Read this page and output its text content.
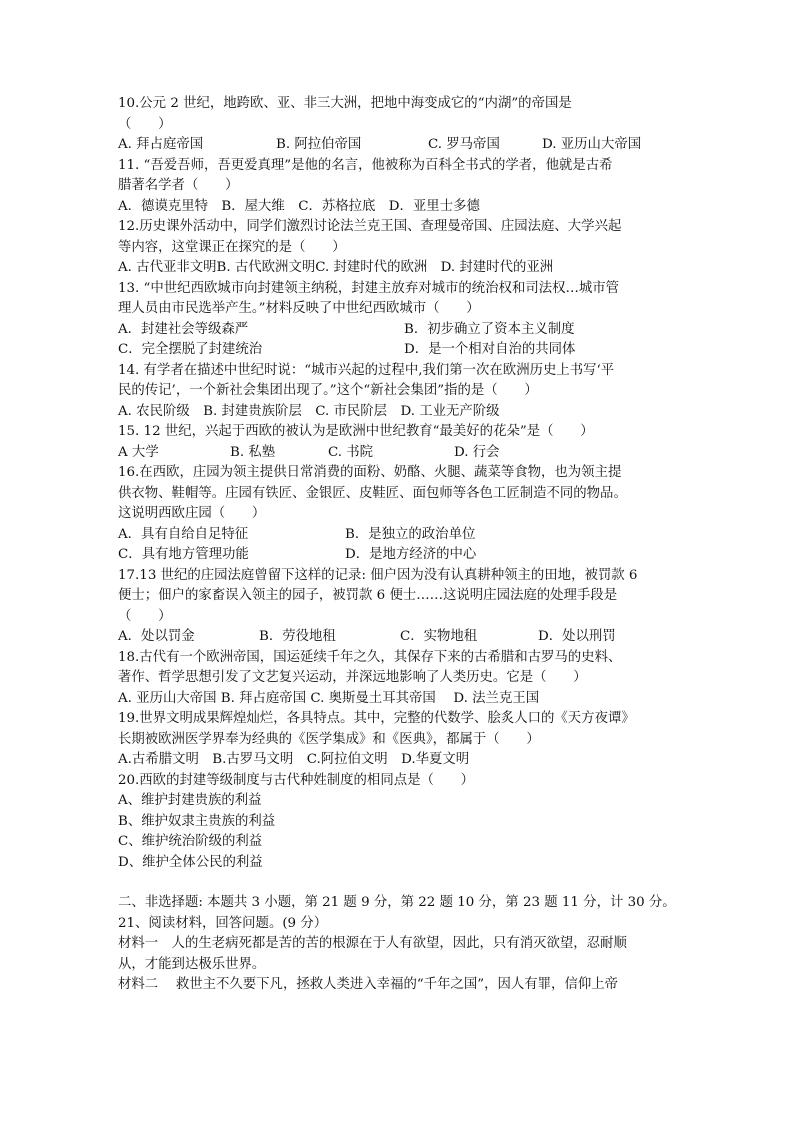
10.公元 2 世纪，地跨欧、亚、非三大洲，把地中海变成它的“内湖”的帝国是
（　　）
A. 拜占庭帝国	B. 阿拉伯帝国	C. 罗马帝国	D. 亚历山大帝国
11. “吾爱吾师，吾更爱真理”是他的名言，他被称为百科全书式的学者，他就是古希
腊著名学者（　　）
A．德谟克里特　B．屋大维　C．苏格拉底　D．亚里士多德
12.历史课外活动中，同学们激烈讨论法兰克王国、查理曼帝国、庄园法庭、大学兴起
等内容，这堂课正在探究的是（　　）
A. 古代亚非文明B. 古代欧洲文明C. 封建时代的欧洲　D. 封建时代的亚洲
13. “中世纪西欧城市向封建领主纳税，封建主放弃对城市的统治权和司法权…城市管
理人员由市民选举产生。”材料反映了中世纪西欧城市（　　）
A．封建社会等级森严	B．初步确立了资本主义制度
C．完全摆脱了封建统治	D．是一个相对自治的共同体
14. 有学者在描述中世纪时说：“城市兴起的过程中,我们第一次在欧洲历史上书写‘平
民的传记’，一个新社会集团出现了。”这个“新社会集团”指的是（　　）
A. 农民阶级　B. 封建贵族阶层　C. 市民阶层　D. 工业无产阶级
15. 12 世纪，兴起于西欧的被认为是欧洲中世纪教育“最美好的花朵”是（　　）
A 大学	B. 私塾	C. 书院	D. 行会
16.在西欧，庄园为领主提供日常消费的面粉、奶酪、火腿、蔬菜等食物，也为领主提
供衣物、鞋帽等。庄园有铁匠、金银匠、皮鞋匠、面包师等各色工匠制造不同的物品。
这说明西欧庄园（　　）
A．具有自给自足特征	B．是独立的政治单位
C．具有地方管理功能	D．是地方经济的中心
17.13 世纪的庄园法庭曾留下这样的记录: 佃户因为没有认真耕种领主的田地，被罚款 6
便士；佃户的家畜误入领主的园子，被罚款 6 便士……这说明庄园法庭的处理手段是
（　　）
A．处以罚金	B．劳役地租	C．实物地租	D．处以刑罚
18.古代有一个欧洲帝国，国运延续千年之久，其保存下来的古希腊和古罗马的史料、
著作、哲学思想引发了文艺复兴运动，并深远地影响了人类历史。它是（　　）
A. 亚历山大帝国 B. 拜占庭帝国 C. 奥斯曼土耳其帝国　 D. 法兰克王国
19.世界文明成果辉煌灿烂，各具特点。其中，完整的代数学、脍炙人口的《天方夜谭》
长期被欧洲医学界奉为经典的《医学集成》和《医典》，都属于（　　）
A.古希腊文明　B.古罗马文明　C.阿拉伯文明　D.华夏文明
20.西欧的封建等级制度与古代种姓制度的相同点是（　　）
A、维护封建贵族的利益
B、维护奴隶主贵族的利益
C、维护统治阶级的利益
D、维护全体公民的利益
二、非选择题: 本题共 3 小题，第 21 题 9 分，第 22 题 10 分，第 23 题 11 分，计 30 分。
21、阅读材料，回答问题。(9 分）
材料一　人的生老病死都是苦的苦的根源在于人有欲望，因此，只有消灭欲望，忍耐顺
从，才能到达极乐世界。
材料二　 救世主不久要下凡，拯救人类进入幸福的“千年之国”，因人有罪，信仰上帝
